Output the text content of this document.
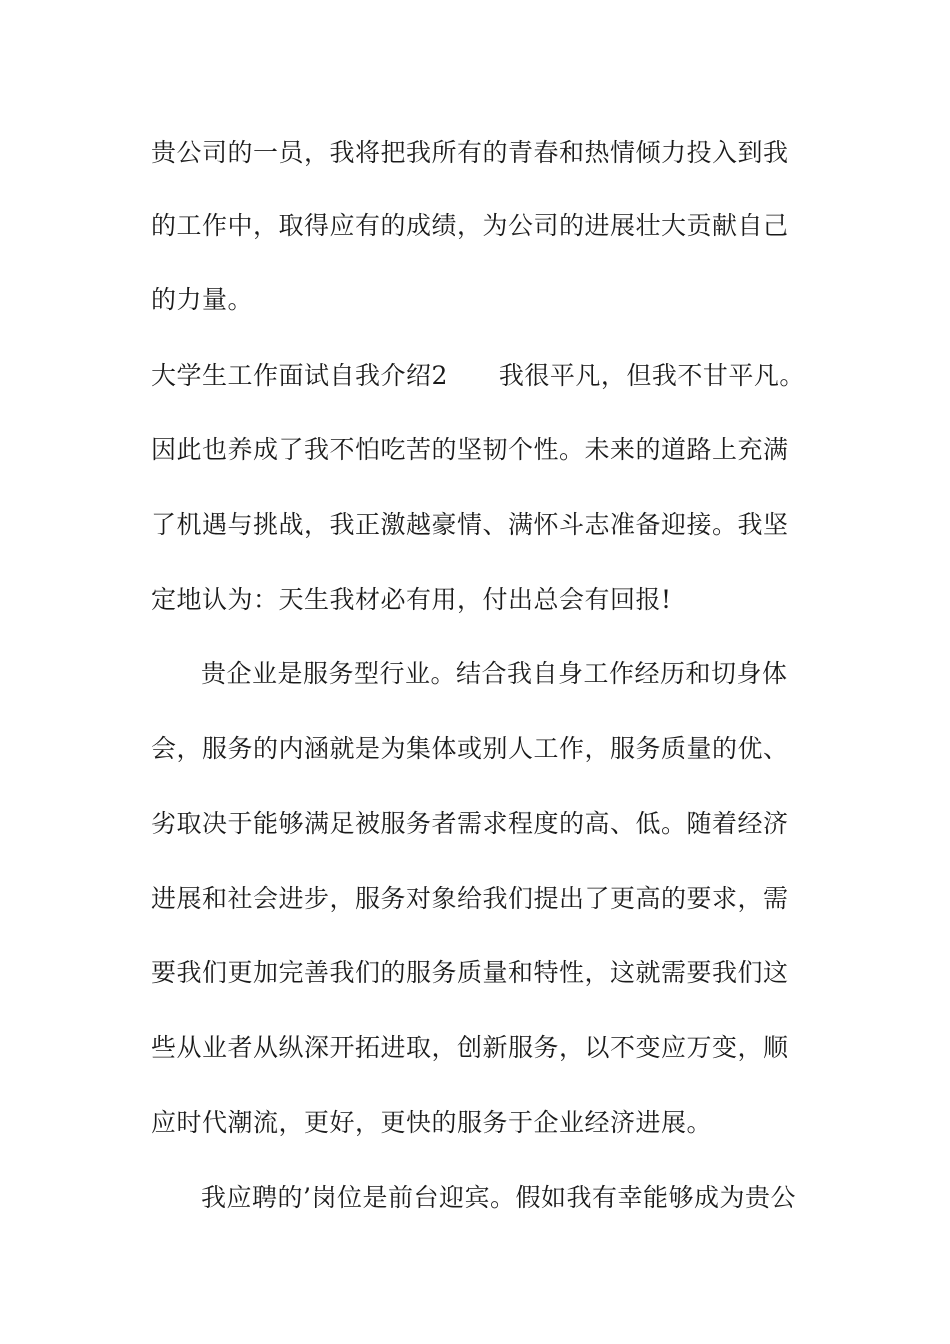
贵公司的一员，我将把我所有的青春和热情倾力投入到我
的工作中，取得应有的成绩，为公司的进展壮大贡献自己
的力量。
大学生工作面试自我介绍2　　我很平凡，但我不甘平凡。
因此也养成了我不怕吃苦的坚韧个性。未来的道路上充满
了机遇与挑战，我正激越豪情、满怀斗志准备迎接。我坚
定地认为：天生我材必有用，付出总会有回报!
贵企业是服务型行业。结合我自身工作经历和切身体
会，服务的内涵就是为集体或别人工作，服务质量的优、
劣取决于能够满足被服务者需求程度的高、低。随着经济
进展和社会进步，服务对象给我们提出了更高的要求，需
要我们更加完善我们的服务质量和特性，这就需要我们这
些从业者从纵深开拓进取，创新服务，以不变应万变，顺
应时代潮流，更好，更快的服务于企业经济进展。
我应聘的’岗位是前台迎宾。假如我有幸能够成为贵公
